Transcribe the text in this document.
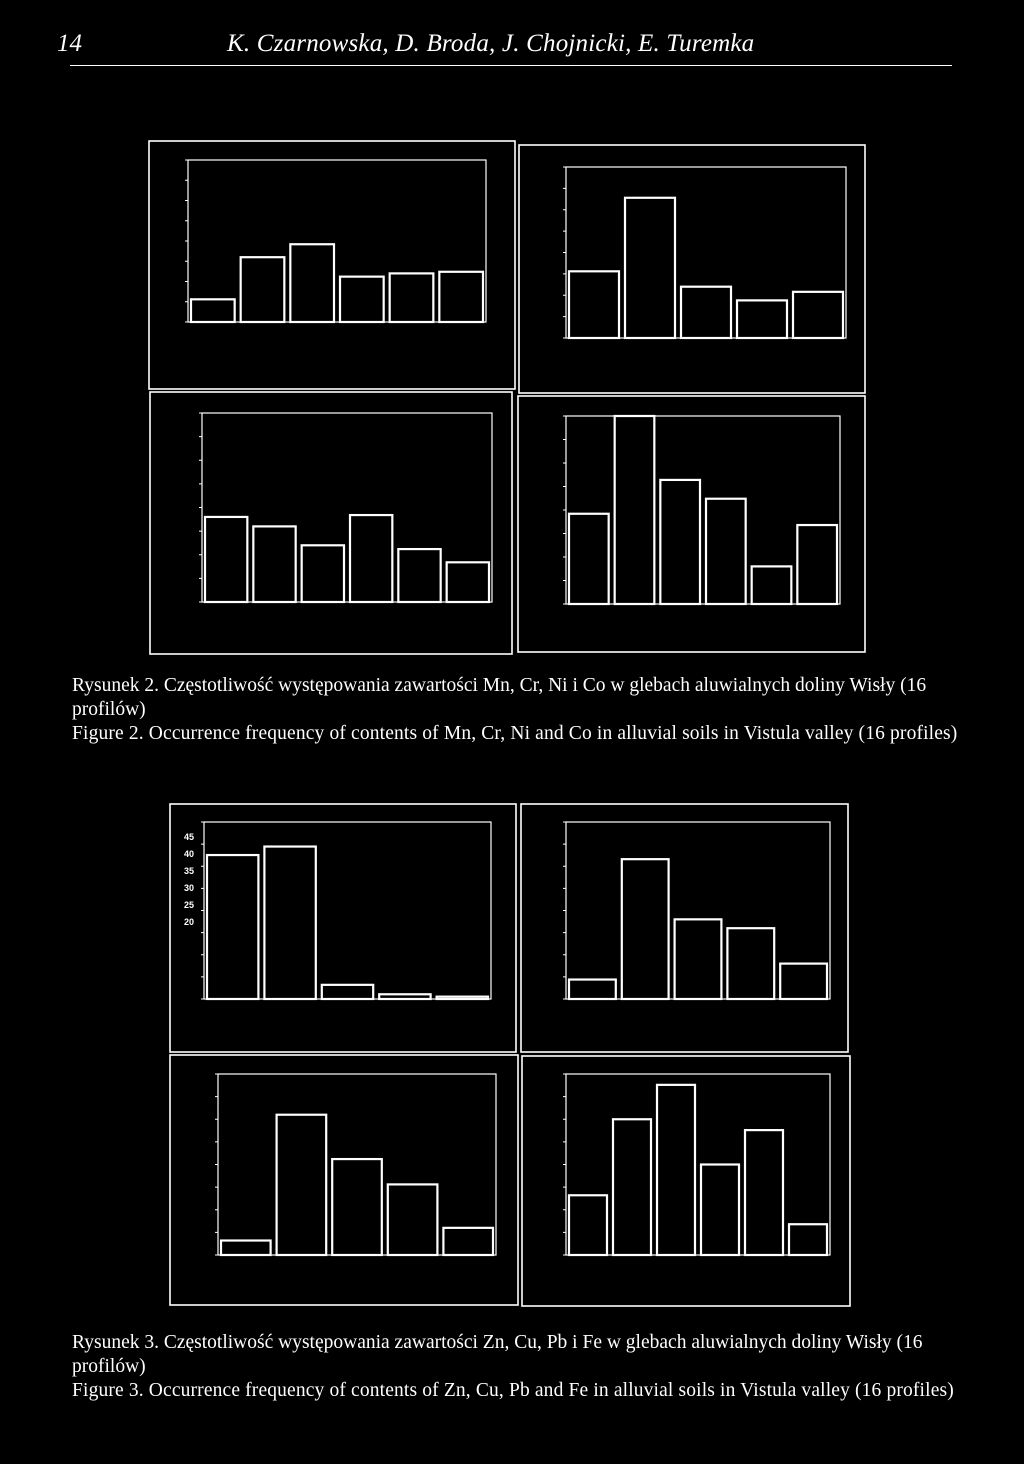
14	K. Czarnowska, D. Broda, J. Chojnicki, E. Turemka

Rysunek 2. Częstotliwość występowania zawartości Mn, Cr, Ni i Co w glebach aluwialnych doliny Wisły (16 profilów)

Figure 2. Occurrence frequency of contents of Mn, Cr, Ni and Co in alluvial soils in Vistula valley (16 profiles)

45
40
35
30
25
20

Rysunek 3. Częstotliwość występowania zawartości Zn, Cu, Pb i Fe w glebach aluwialnych doliny Wisły (16 profilów)

Figure 3. Occurrence frequency of contents of Zn, Cu, Pb and Fe in alluvial soils in Vistula valley (16 profiles)
